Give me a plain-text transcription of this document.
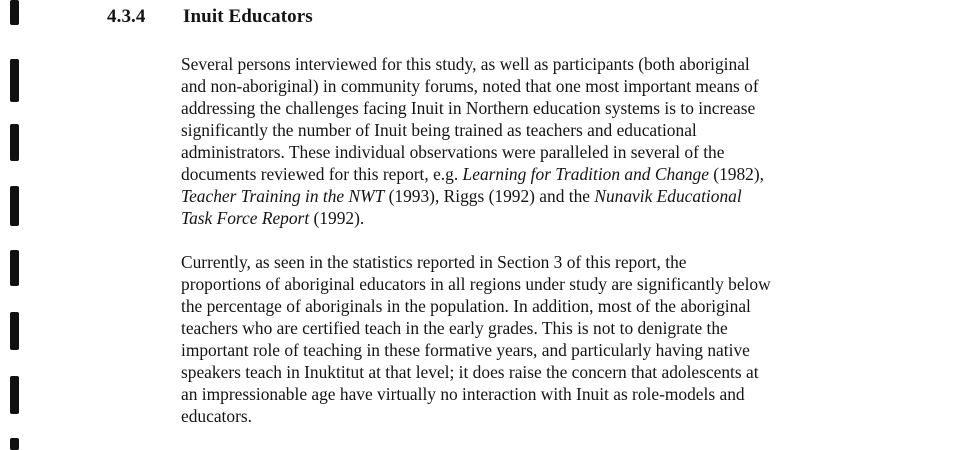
4.3.4 Inuit Educators
Several persons interviewed for this study, as well as participants (both aboriginal
and non-aboriginal) in community forums, noted that one most important means of
addressing the challenges facing Inuit in Northern education systems is to increase
significantly the number of Inuit being trained as teachers and educational
administrators. These individual observations were paralleled in several of the
documents reviewed for this report, e.g. Learning for Tradition and Change (1982),
Teacher Training in the NWT (1993), Riggs (1992) and the Nunavik Educational
Task Force Report (1992).
Currently, as seen in the statistics reported in Section 3 of this report, the
proportions of aboriginal educators in all regions under study are significantly below
the percentage of aboriginals in the population. In addition, most of the aboriginal
teachers who are certified teach in the early grades. This is not to denigrate the
important role of teaching in these formative years, and particularly having native
speakers teach in Inuktitut at that level; it does raise the concern that adolescents at
an impressionable age have virtually no interaction with Inuit as role-models and
educators.
